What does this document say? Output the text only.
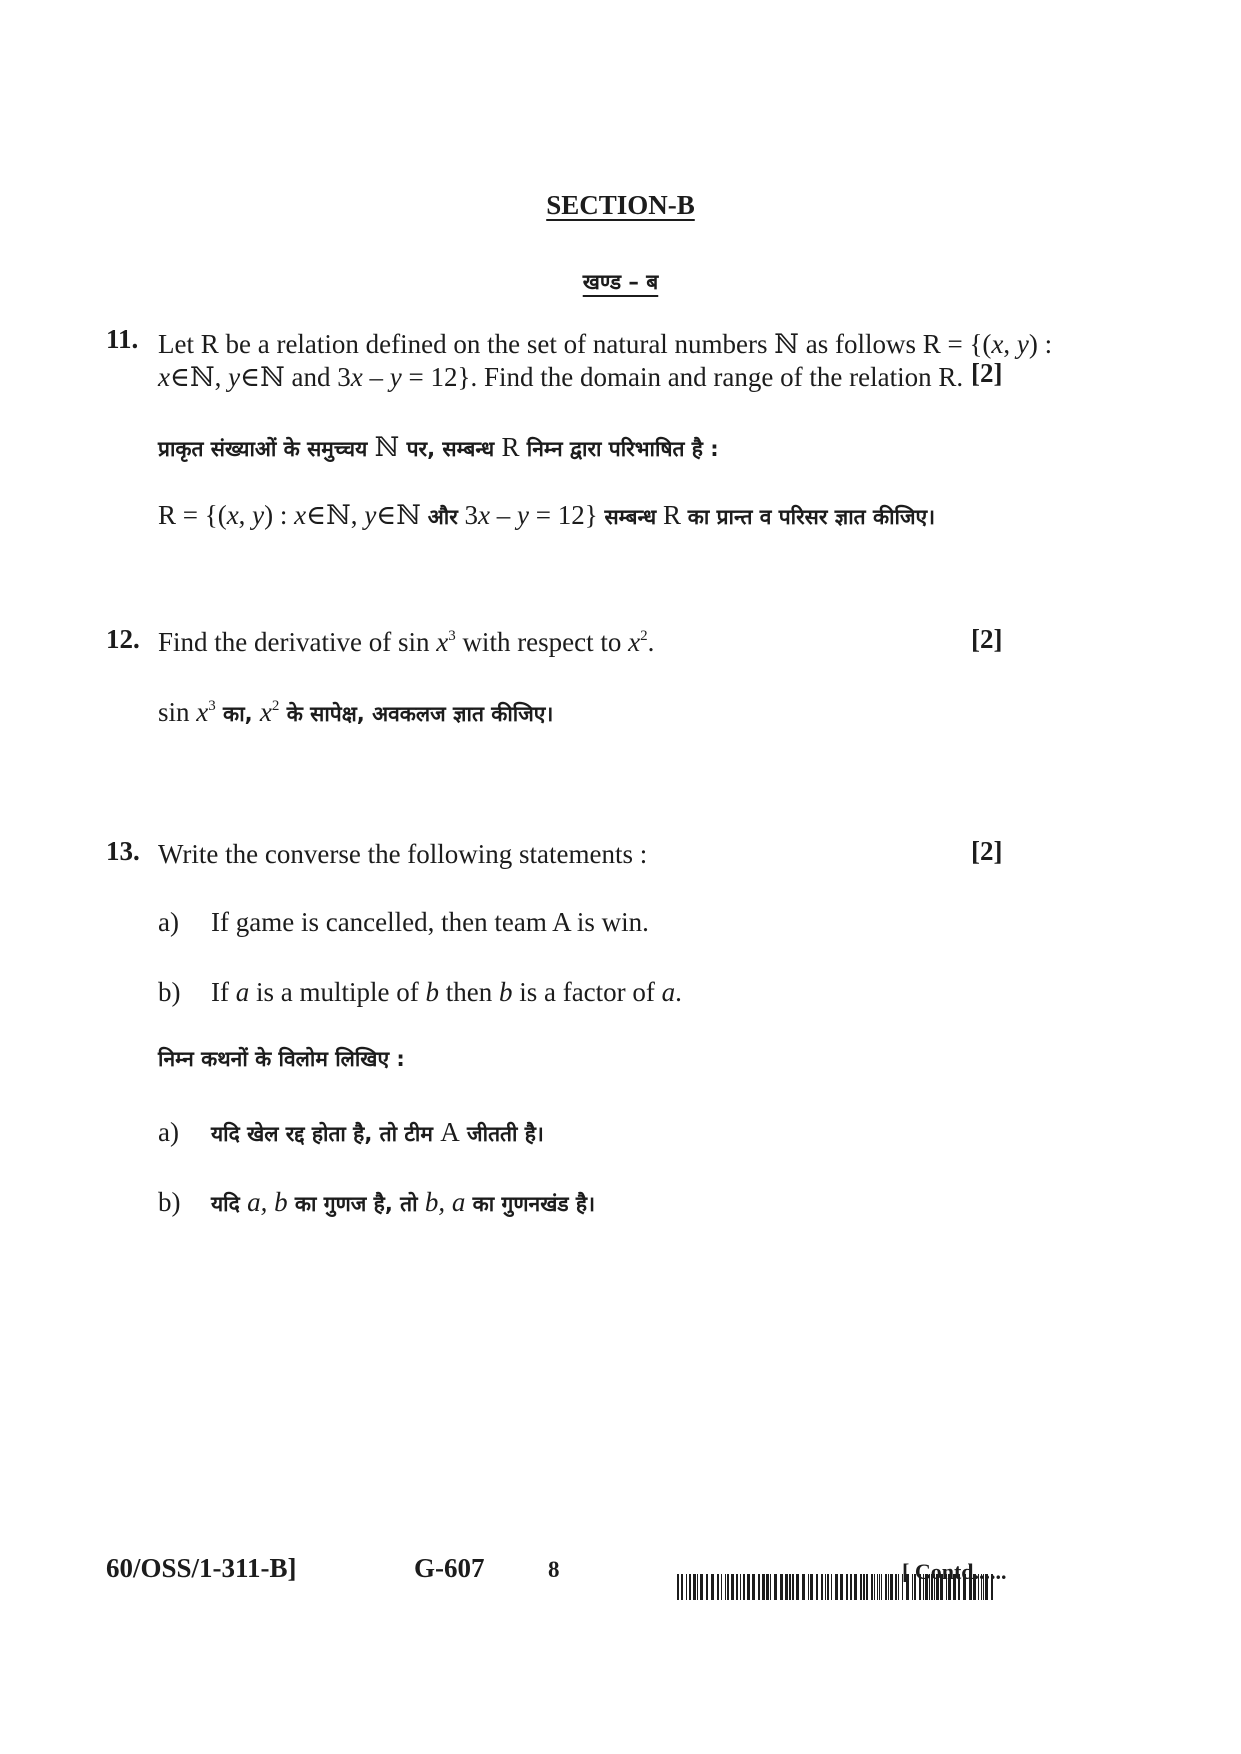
SECTION-B
खण्ड – ब
11. Let R be a relation defined on the set of natural numbers ℕ as follows R = {(x, y) :
x∈ℕ, y∈ℕ and 3x – y = 12}. Find the domain and range of the relation R. [2]
प्राकृत संख्याओं के समुच्चय ℕ पर, सम्बन्ध R निम्न द्वारा परिभाषित है :
R = {(x, y) : x∈ℕ, y∈ℕ और 3x – y = 12} सम्बन्ध R का प्रान्त व परिसर ज्ञात कीजिए।
12. Find the derivative of $\sin x^3$ with respect to $x^2$.	[2]
$\sin x^3$ का, $x^2$ के सापेक्ष, अवकलज ज्ञात कीजिए।
13. Write the converse the following statements :	[2]
a) If game is cancelled, then team A is win.
b) If a is a multiple of b then b is a factor of a.
निम्न कथनों के विलोम लिखिए :
a) यदि खेल रद्द होता है, तो टीम A जीतती है।
b) यदि a, b का गुणज है, तो b, a का गुणनखंड है।
60/OSS/1-311-B]	G-607	8	[ Contd......
